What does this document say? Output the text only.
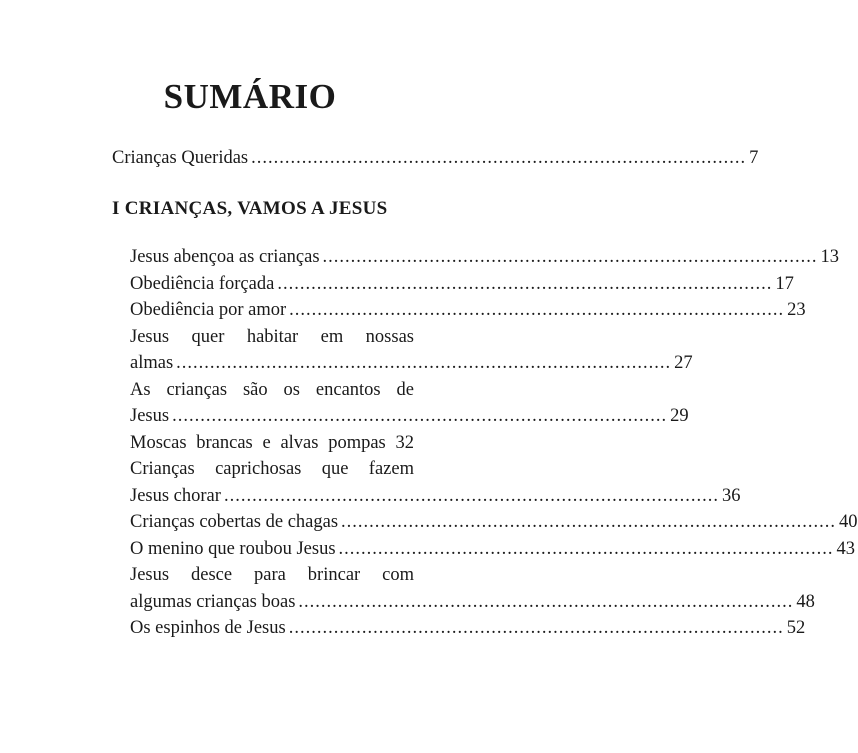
SUMÁRIO
Crianças Queridas ........................................................................................ 7
I CRIANÇAS, VAMOS A JESUS
Jesus abençoa as crianças ........................................................................................ 13
Obediência forçada ........................................................................................ 17
Obediência por amor ........................................................................................ 23
Jesus quer habitar em nossas
almas ........................................................................................ 27
As crianças são os encantos de
Jesus ........................................................................................ 29
Moscas brancas e alvas pompas 32
Crianças caprichosas que fazem
Jesus chorar ........................................................................................ 36
Crianças cobertas de chagas ........................................................................................ 40
O menino que roubou Jesus ........................................................................................ 43
Jesus desce para brincar com
algumas crianças boas ........................................................................................ 48
Os espinhos de Jesus ........................................................................................ 52
